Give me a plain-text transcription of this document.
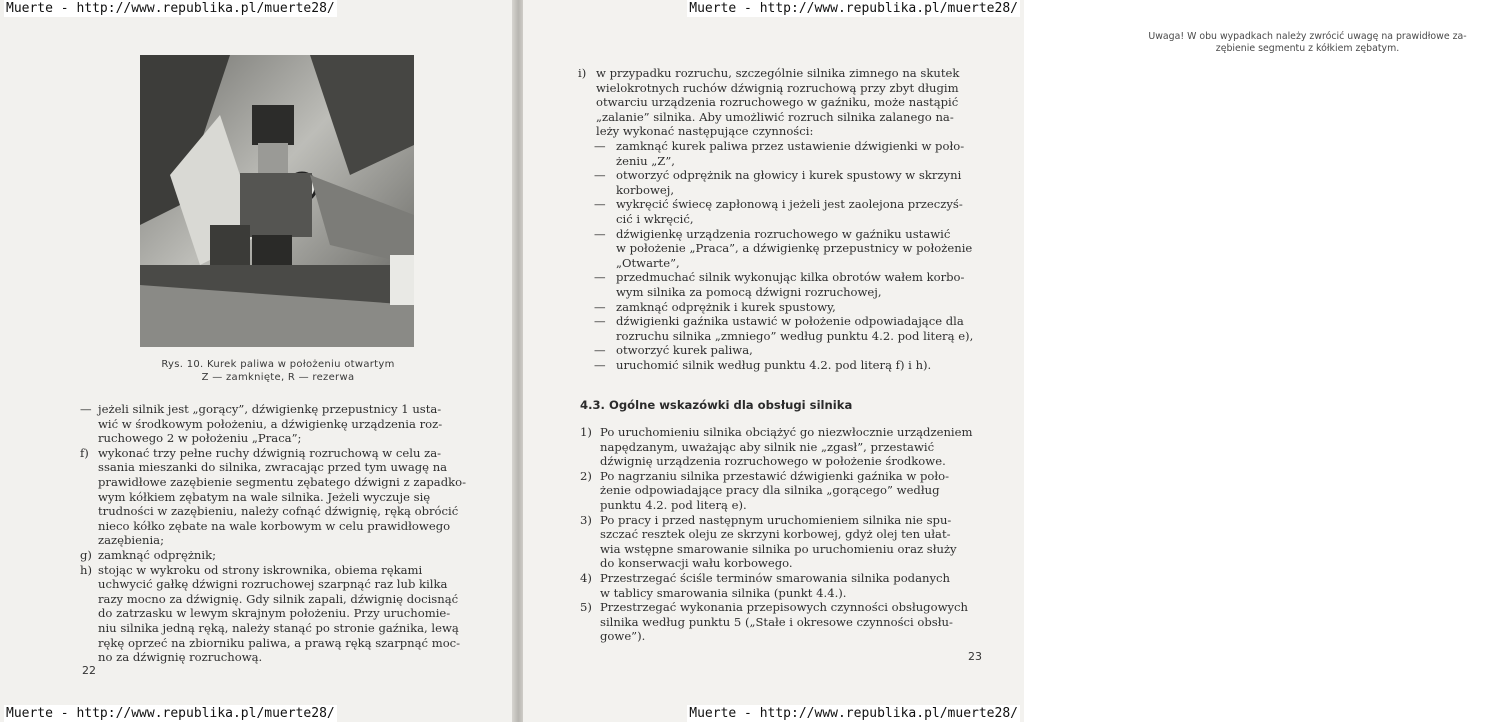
Rys. 10. Kurek paliwa w położeniu otwartym
Z — zamknięte, R — rezerwa
— jeżeli silnik jest „gorący”, dźwigienkę przepustnicy 1 usta-
wić w środkowym położeniu, a dźwigienkę urządzenia roz-
ruchowego 2 w położeniu „Praca”;
f) wykonać trzy pełne ruchy dźwignią rozruchową w celu za-
ssania mieszanki do silnika, zwracając przed tym uwagę na
prawidłowe zazębienie segmentu zębatego dźwigni z zapadko-
wym kółkiem zębatym na wale silnika. Jeżeli wyczuje się
trudności w zazębieniu, należy cofnąć dźwignię, ręką obrócić
nieco kółko zębate na wale korbowym w celu prawidłowego
zazębienia;
g) zamknąć odprężnik;
h) stojąc w wykroku od strony iskrownika, obiema rękami
uchwycić gałkę dźwigni rozruchowej szarpnąć raz lub kilka
razy mocno za dźwignię. Gdy silnik zapali, dźwignię docisnąć
do zatrzasku w lewym skrajnym położeniu. Przy uruchomie-
niu silnika jedną ręką, należy stanąć po stronie gaźnika, lewą
rękę oprzeć na zbiorniku paliwa, a prawą ręką szarpnąć moc-
no za dźwignię rozruchową.
22
Uwaga! W obu wypadkach należy zwrócić uwagę na prawidłowe za-
zębienie segmentu z kółkiem zębatym.
i) w przypadku rozruchu, szczególnie silnika zimnego na skutek
wielokrotnych ruchów dźwignią rozruchową przy zbyt długim
otwarciu urządzenia rozruchowego w gaźniku, może nastąpić
„zalanie” silnika. Aby umożliwić rozruch silnika zalanego na-
leży wykonać następujące czynności:
— zamknąć kurek paliwa przez ustawienie dźwigienki w poło-
żeniu „Z”,
— otworzyć odprężnik na głowicy i kurek spustowy w skrzyni
korbowej,
— wykręcić świecę zapłonową i jeżeli jest zaolejona przeczyś-
cić i wkręcić,
— dźwigienkę urządzenia rozruchowego w gaźniku ustawić
w położenie „Praca”, a dźwigienkę przepustnicy w położenie
„Otwarte”,
— przedmuchać silnik wykonując kilka obrotów wałem korbo-
wym silnika za pomocą dźwigni rozruchowej,
— zamknąć odprężnik i kurek spustowy,
— dźwigienki gaźnika ustawić w położenie odpowiadające dla
rozruchu silnika „zmniego” według punktu 4.2. pod literą e),
— otworzyć kurek paliwa,
— uruchomić silnik według punktu 4.2. pod literą f) i h).
4.3. Ogólne wskazówki dla obsługi silnika
1) Po uruchomieniu silnika obciążyć go niezwłocznie urządzeniem
napędzanym, uważając aby silnik nie „zgasł”, przestawić
dźwignię urządzenia rozruchowego w położenie środkowe.
2) Po nagrzaniu silnika przestawić dźwigienki gaźnika w poło-
żenie odpowiadające pracy dla silnika „gorącego” według
punktu 4.2. pod literą e).
3) Po pracy i przed następnym uruchomieniem silnika nie spu-
szczać resztek oleju ze skrzyni korbowej, gdyż olej ten ułat-
wia wstępne smarowanie silnika po uruchomieniu oraz służy
do konserwacji wału korbowego.
4) Przestrzegać ściśle terminów smarowania silnika podanych
w tablicy smarowania silnika (punkt 4.4.).
5) Przestrzegać wykonania przepisowych czynności obsługowych
silnika według punktu 5 („Stałe i okresowe czynności obsłu-
gowe”).
23
Muerte - http://www.republika.pl/muerte28/	Muerte - http://www.republika.pl/muerte28/
Muerte - http://www.republika.pl/muerte28/	Muerte - http://www.republika.pl/muerte28/
